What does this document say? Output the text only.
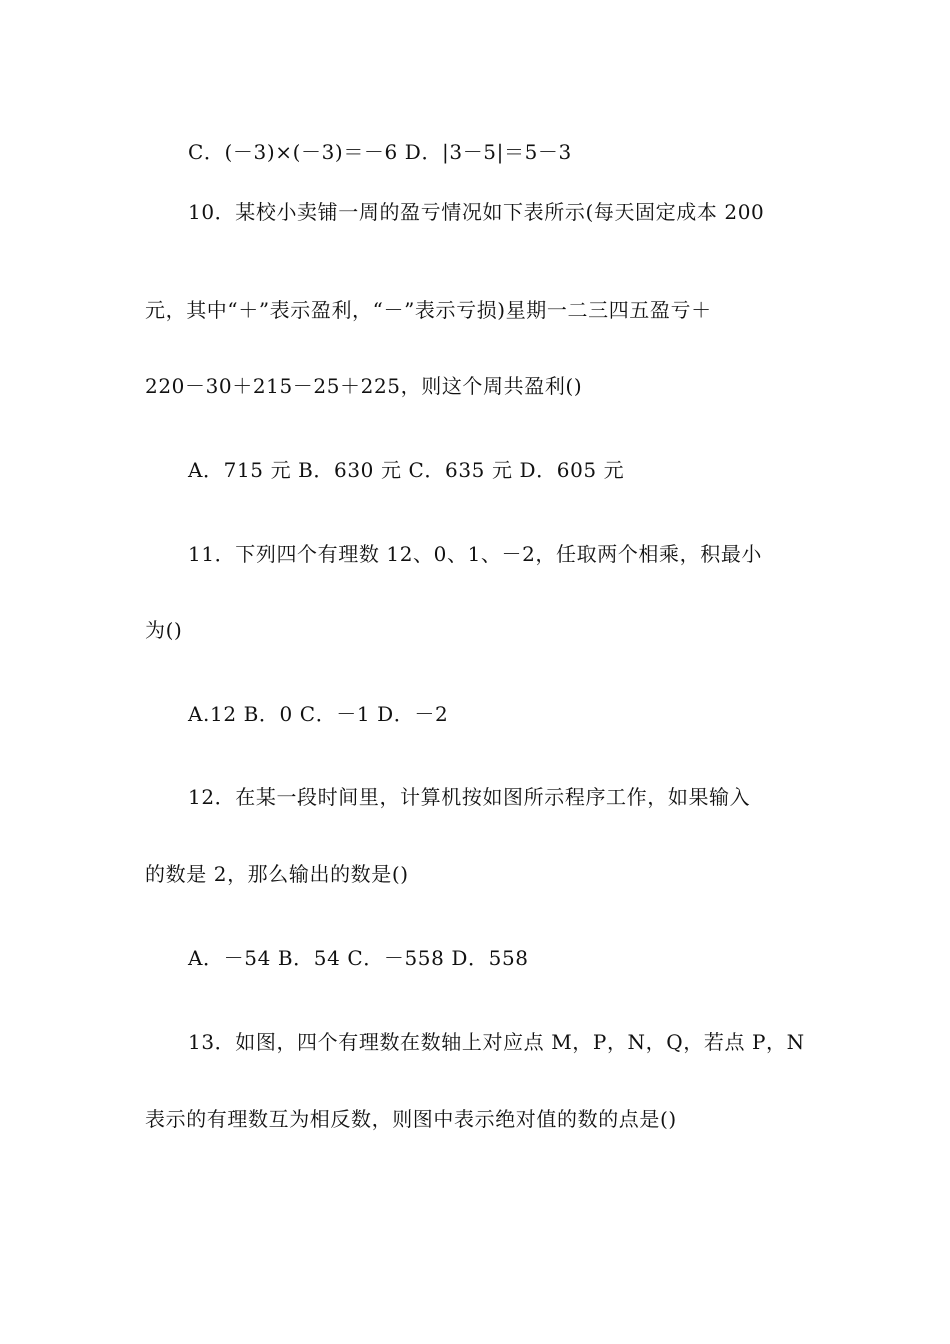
C．(－3)×(－3)＝－6 D．|3－5|＝5－3
10．某校小卖铺一周的盈亏情况如下表所示(每天固定成本 200
元，其中“＋”表示盈利，“－”表示亏损)星期一二三四五盈亏＋
220－30＋215－25＋225，则这个周共盈利()
A．715 元 B．630 元 C．635 元 D．605 元
11．下列四个有理数 12、0、1、－2，任取两个相乘，积最小
为()
A.12 B．0 C．－1 D．－2
12．在某一段时间里，计算机按如图所示程序工作，如果输入
的数是 2，那么输出的数是()
A．－54 B．54 C．－558 D．558
13．如图，四个有理数在数轴上对应点 M，P，N，Q，若点 P，N
表示的有理数互为相反数，则图中表示绝对值的数的点是()
